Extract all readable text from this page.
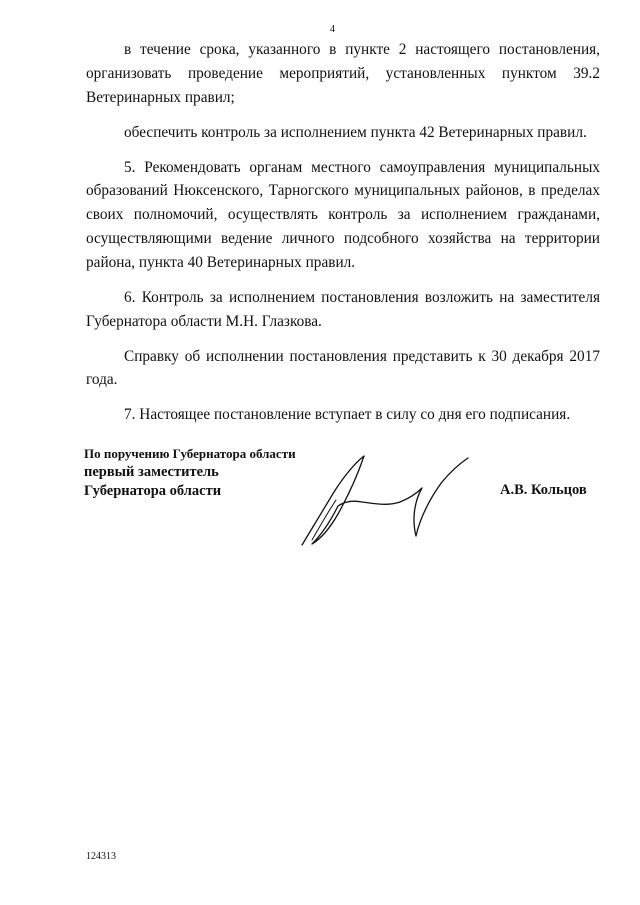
4

в течение срока, указанного в пункте 2 настоящего постановления, организовать проведение мероприятий, установленных пунктом 39.2 Ветеринарных правил;

обеспечить контроль за исполнением пункта 42 Ветеринарных правил.

5. Рекомендовать органам местного самоуправления муниципальных образований Нюксенского, Тарногского муниципальных районов, в пределах своих полномочий, осуществлять контроль за исполнением гражданами, осуществляющими ведение личного подсобного хозяйства на территории района, пункта 40 Ветеринарных правил.

6. Контроль за исполнением постановления возложить на заместителя Губернатора области М.Н. Глазкова.

Справку об исполнении постановления представить к 30 декабря 2017 года.

7. Настоящее постановление вступает в силу со дня его подписания.

По поручению Губернатора области
первый заместитель
Губернатора области	А.В. Кольцов
124313
